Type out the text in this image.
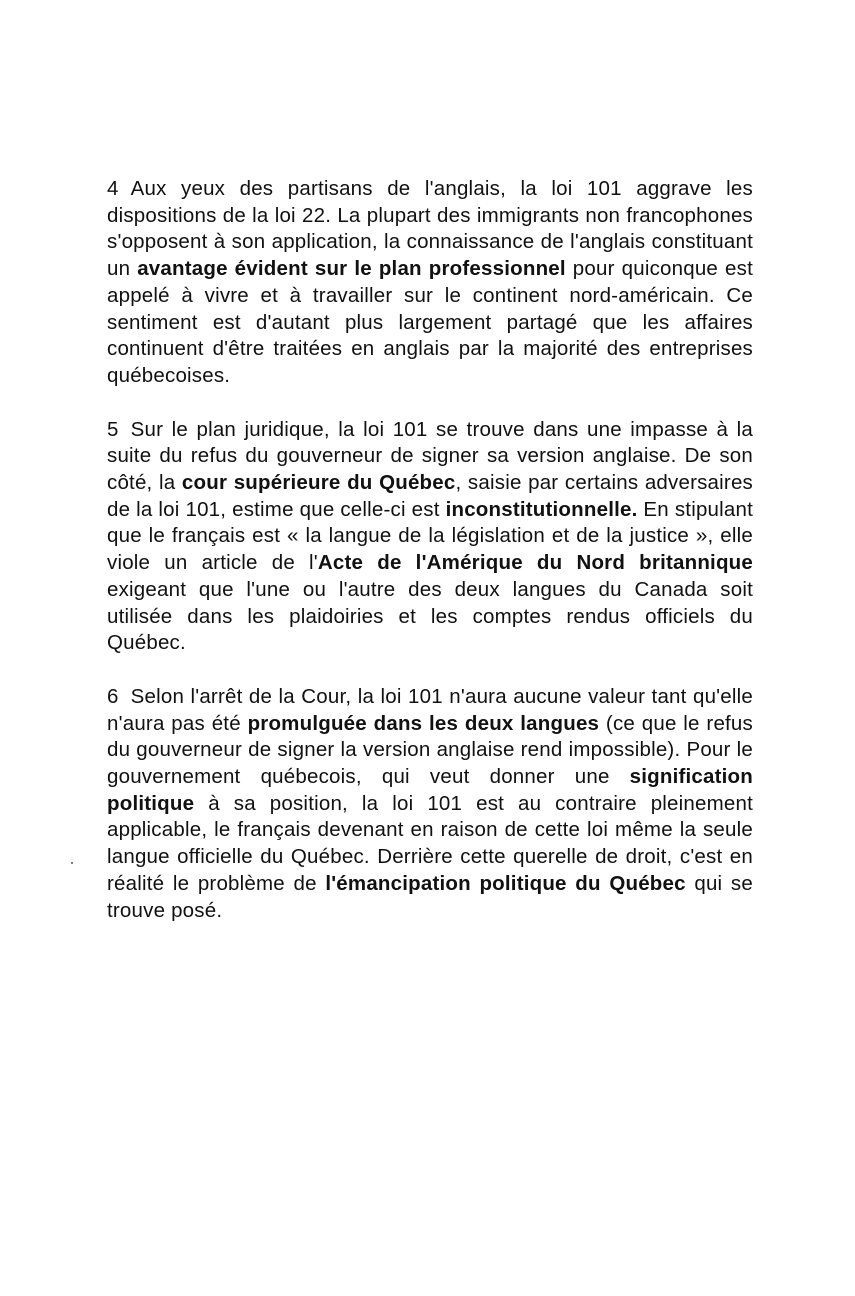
4 Aux yeux des partisans de l'anglais, la loi 101 aggrave les dispositions de la loi 22. La plupart des immigrants non francophones s'opposent à son application, la connaissance de l'anglais constituant un avantage évident sur le plan professionnel pour quiconque est appelé à vivre et à travailler sur le continent nord-américain. Ce sentiment est d'autant plus largement partagé que les affaires continuent d'être traitées en anglais par la majorité des entreprises québecoises.

5 Sur le plan juridique, la loi 101 se trouve dans une impasse à la suite du refus du gouverneur de signer sa version anglaise. De son côté, la cour supérieure du Québec, saisie par certains adversaires de la loi 101, estime que celle-ci est inconstitutionnelle. En stipulant que le français est « la langue de la législation et de la justice », elle viole un article de l'Acte de l'Amérique du Nord britannique exigeant que l'une ou l'autre des deux langues du Canada soit utilisée dans les plaidoiries et les comptes rendus officiels du Québec.

6 Selon l'arrêt de la Cour, la loi 101 n'aura aucune valeur tant qu'elle n'aura pas été promulguée dans les deux langues (ce que le refus du gouverneur de signer la version anglaise rend impossible). Pour le gouvernement québecois, qui veut donner une signification politique à sa position, la loi 101 est au contraire pleinement applicable, le français devenant en raison de cette loi même la seule langue officielle du Québec. Derrière cette querelle de droit, c'est en réalité le problème de l'émancipation politique du Québec qui se trouve posé.
